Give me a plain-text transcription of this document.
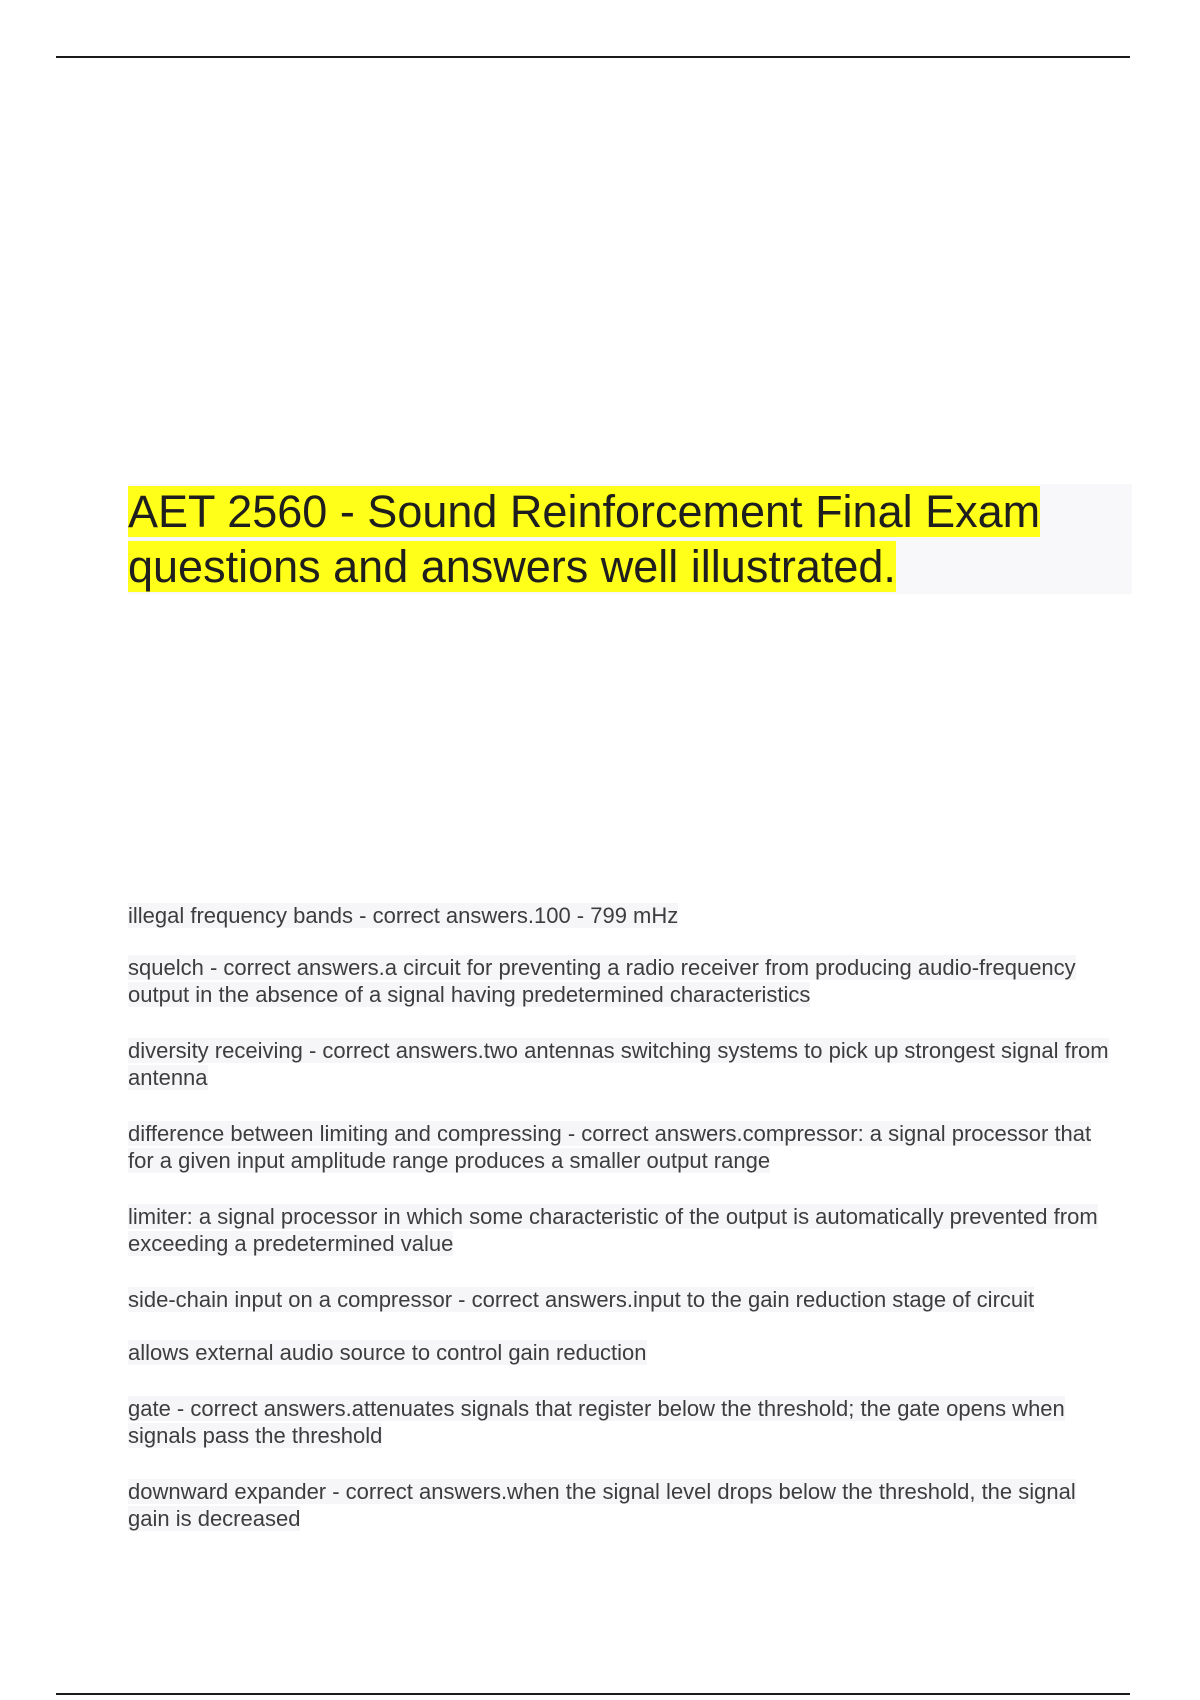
AET 2560 - Sound Reinforcement Final Exam questions and answers well illustrated.

illegal frequency bands - correct answers.100 - 799 mHz

squelch - correct answers.a circuit for preventing a radio receiver from producing audio-frequency output in the absence of a signal having predetermined characteristics

diversity receiving - correct answers.two antennas switching systems to pick up strongest signal from antenna

difference between limiting and compressing - correct answers.compressor: a signal processor that for a given input amplitude range produces a smaller output range

limiter: a signal processor in which some characteristic of the output is automatically prevented from exceeding a predetermined value

side-chain input on a compressor - correct answers.input to the gain reduction stage of circuit

allows external audio source to control gain reduction

gate - correct answers.attenuates signals that register below the threshold; the gate opens when signals pass the threshold

downward expander - correct answers.when the signal level drops below the threshold, the signal gain is decreased
